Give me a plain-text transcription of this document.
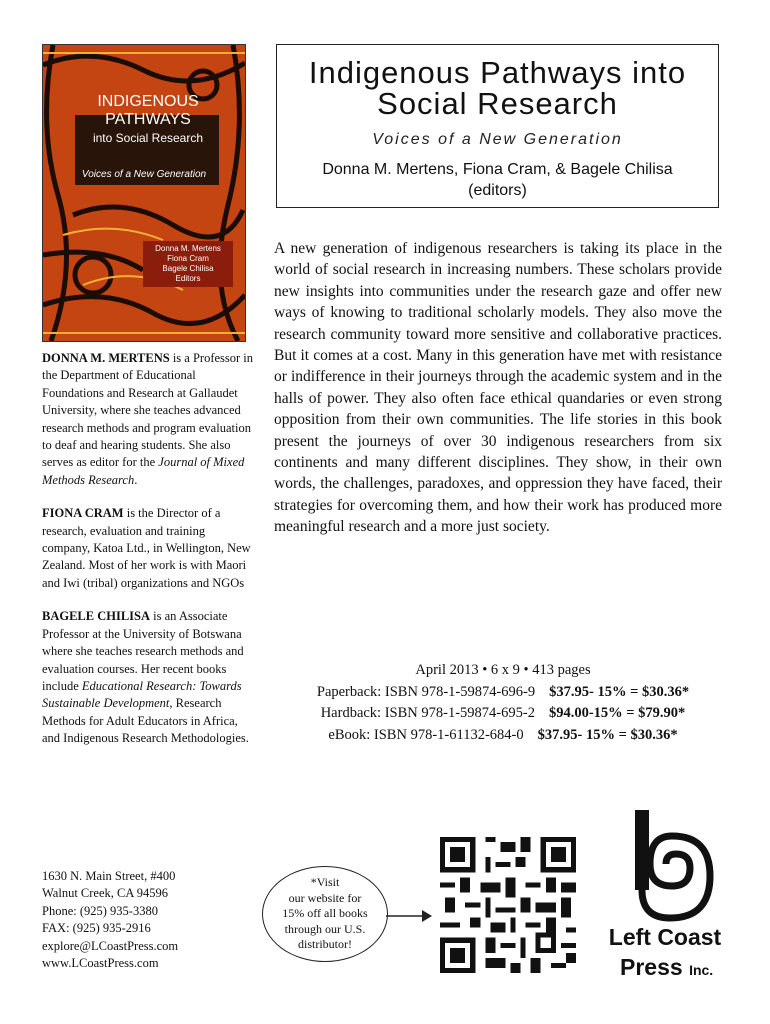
INDIGENOUS
PATHWAYS
into Social Research
Voices of a New Generation
Donna M. Mertens
Fiona Cram
Bagele Chilisa
Editors
Indigenous Pathways into Social Research
Voices of a New Generation
Donna M. Mertens, Fiona Cram, & Bagele Chilisa
(editors)
A new generation of indigenous researchers is taking its place in the world of social research in increasing numbers. These scholars provide new insights into communities under the research gaze and offer new ways of knowing to traditional scholarly models. They also move the research community toward more sensitive and collaborative practices. But it comes at a cost. Many in this generation have met with resistance or indifference in their journeys through the academic system and in the halls of power. They also often face ethical quandaries or even strong opposition from their own communities. The life stories in this book present the journeys of over 30 indigenous researchers from six continents and many different disciplines. They show, in their own words, the challenges, paradoxes, and oppression they have faced, their strategies for overcoming them, and how their work has produced more meaningful research and a more just society.

DONNA M. MERTENS is a Professor in the Department of Educational Foundations and Research at Gallaudet University, where she teaches advanced research methods and program evaluation to deaf and hearing students. She also serves as editor for the Journal of Mixed Methods Research.

FIONA CRAM is the Director of a research, evaluation and training company, Katoa Ltd., in Wellington, New Zealand. Most of her work is with Maori and Iwi (tribal) organizations and NGOs

BAGELE CHILISA is an Associate Professor at the University of Botswana where she teaches research methods and evaluation courses. Her recent books include Educational Research: Towards Sustainable Development, Research Methods for Adult Educators in Africa, and Indigenous Research Methodologies.

1630 N. Main Street, #400
Walnut Creek, CA 94596
Phone: (925) 935-3380
FAX: (925) 935-2916
explore@LCoastPress.com
www.LCoastPress.com
April 2013 • 6 x 9 • 413 pages
Paperback: ISBN 978-1-59874-696-9 $37.95- 15% = $30.36*
Hardback: ISBN 978-1-59874-695-2 $94.00-15% = $79.90*
eBook: ISBN 978-1-61132-684-0 $37.95- 15% = $30.36*
*Visit
our website for
15% off all books
through our U.S.
distributor!	Left Coast
Press Inc.
